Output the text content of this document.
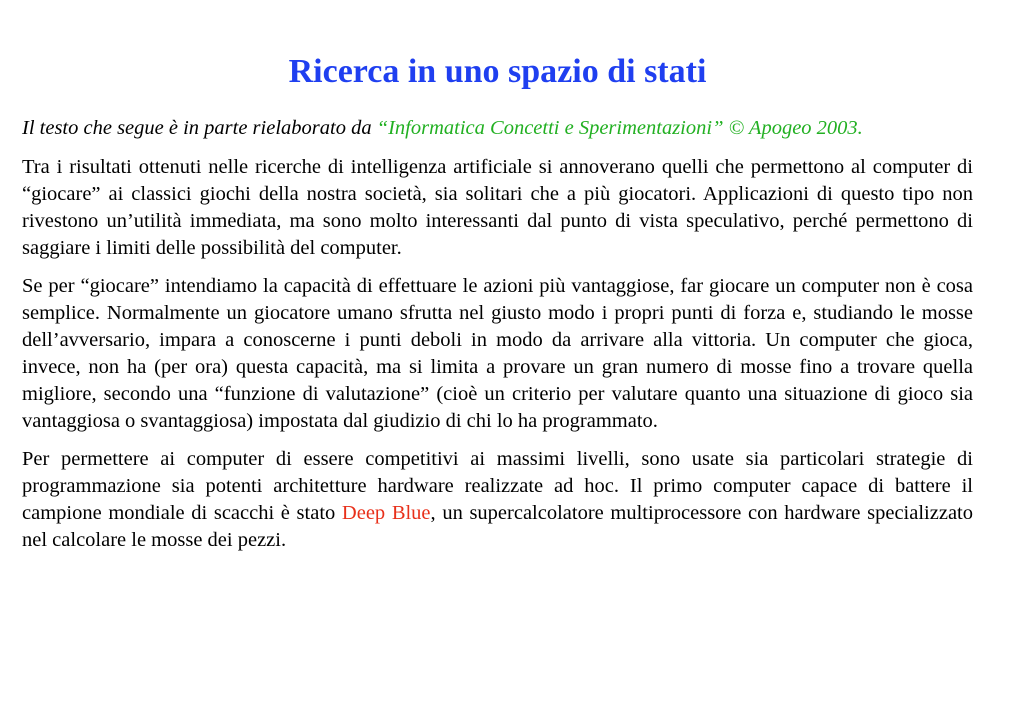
Ricerca in uno spazio di stati

Il testo che segue è in parte rielaborato da “Informatica Concetti e Sperimentazioni” © Apogeo 2003.

Tra i risultati ottenuti nelle ricerche di intelligenza artificiale si annoverano quelli che permettono al computer di “giocare” ai classici giochi della nostra società, sia solitari che a più giocatori. Applicazioni di questo tipo non rivestono un’utilità immediata, ma sono molto interessanti dal punto di vista speculativo, perché permettono di saggiare i limiti delle possibilità del computer.

Se per “giocare” intendiamo la capacità di effettuare le azioni più vantaggiose, far giocare un computer non è cosa semplice. Normalmente un giocatore umano sfrutta nel giusto modo i propri punti di forza e, studiando le mosse dell’avversario, impara a conoscerne i punti deboli in modo da arrivare alla vittoria. Un computer che gioca, invece, non ha (per ora) questa capacità, ma si limita a provare un gran numero di mosse fino a trovare quella migliore, secondo una “funzione di valutazione” (cioè un criterio per valutare quanto una situazione di gioco sia vantaggiosa o svantaggiosa) impostata dal giudizio di chi lo ha programmato.

Per permettere ai computer di essere competitivi ai massimi livelli, sono usate sia particolari strategie di programmazione sia potenti architetture hardware realizzate ad hoc. Il primo computer capace di battere il campione mondiale di scacchi è stato Deep Blue, un supercalcolatore multiprocessore con hardware specializzato nel calcolare le mosse dei pezzi.
